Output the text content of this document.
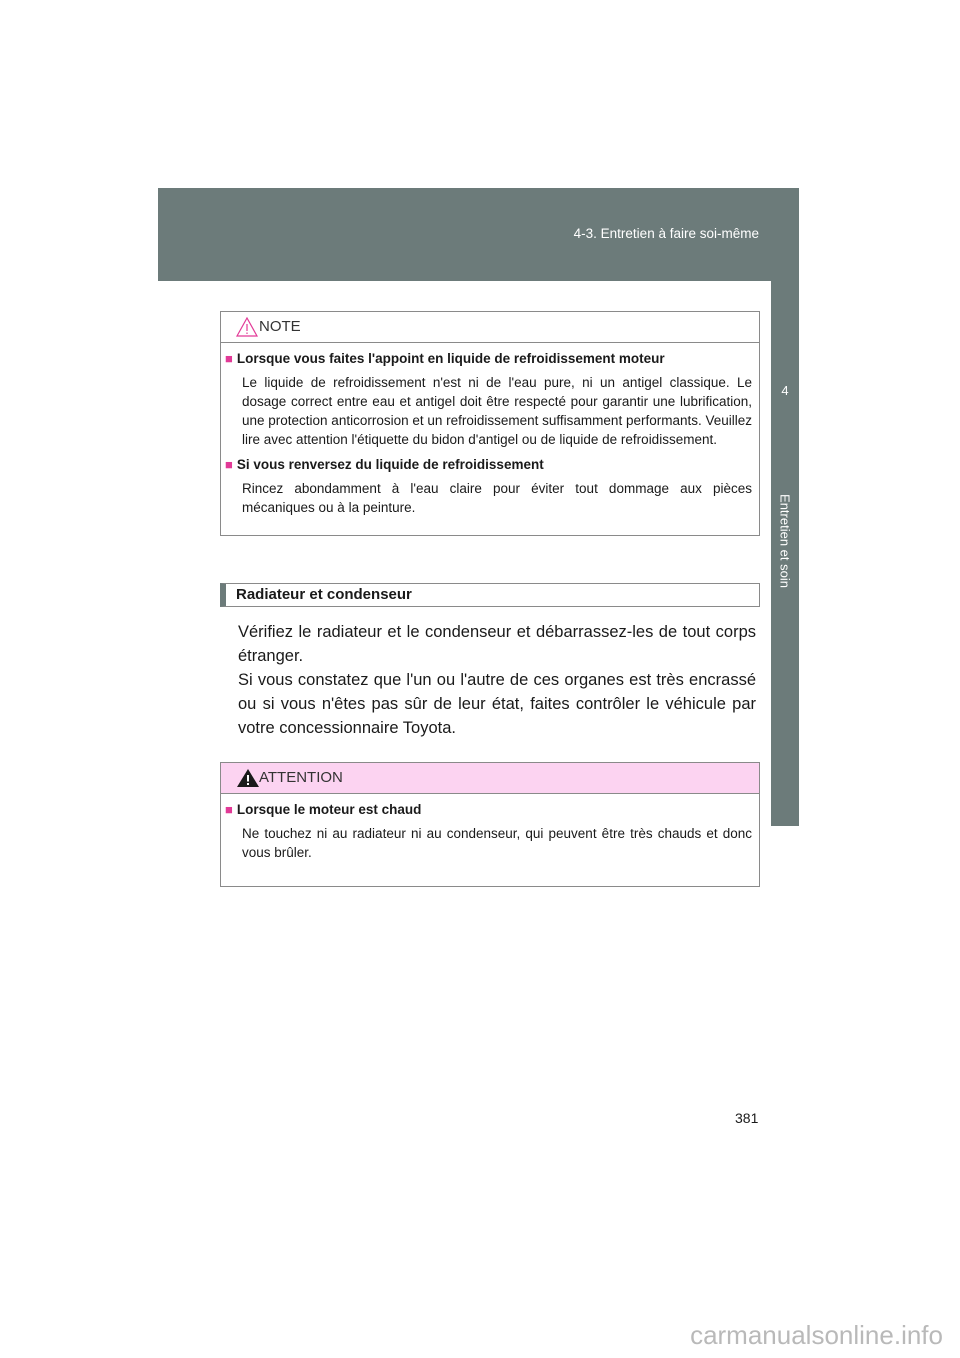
4-3. Entretien à faire soi-même
4
Entretien et soin
NOTE
■ Lorsque vous faites l'appoint en liquide de refroidissement moteur

Le liquide de refroidissement n'est ni de l'eau pure, ni un antigel classique. Le dosage correct entre eau et antigel doit être respecté pour garantir une lubrification, une protection anticorrosion et un refroidissement suffisamment performants. Veuillez lire avec attention l'étiquette du bidon d'antigel ou de liquide de refroidissement.

■ Si vous renversez du liquide de refroidissement

Rincez abondamment à l'eau claire pour éviter tout dommage aux pièces mécaniques ou à la peinture.

Radiateur et condenseur

Vérifiez le radiateur et le condenseur et débarrassez-les de tout corps étranger.

Si vous constatez que l'un ou l'autre de ces organes est très encrassé ou si vous n'êtes pas sûr de leur état, faites contrôler le véhicule par votre concessionnaire Toyota.

ATTENTION
■ Lorsque le moteur est chaud

Ne touchez ni au radiateur ni au condenseur, qui peuvent être très chauds et donc vous brûler.

381
carmanualsonline.info
